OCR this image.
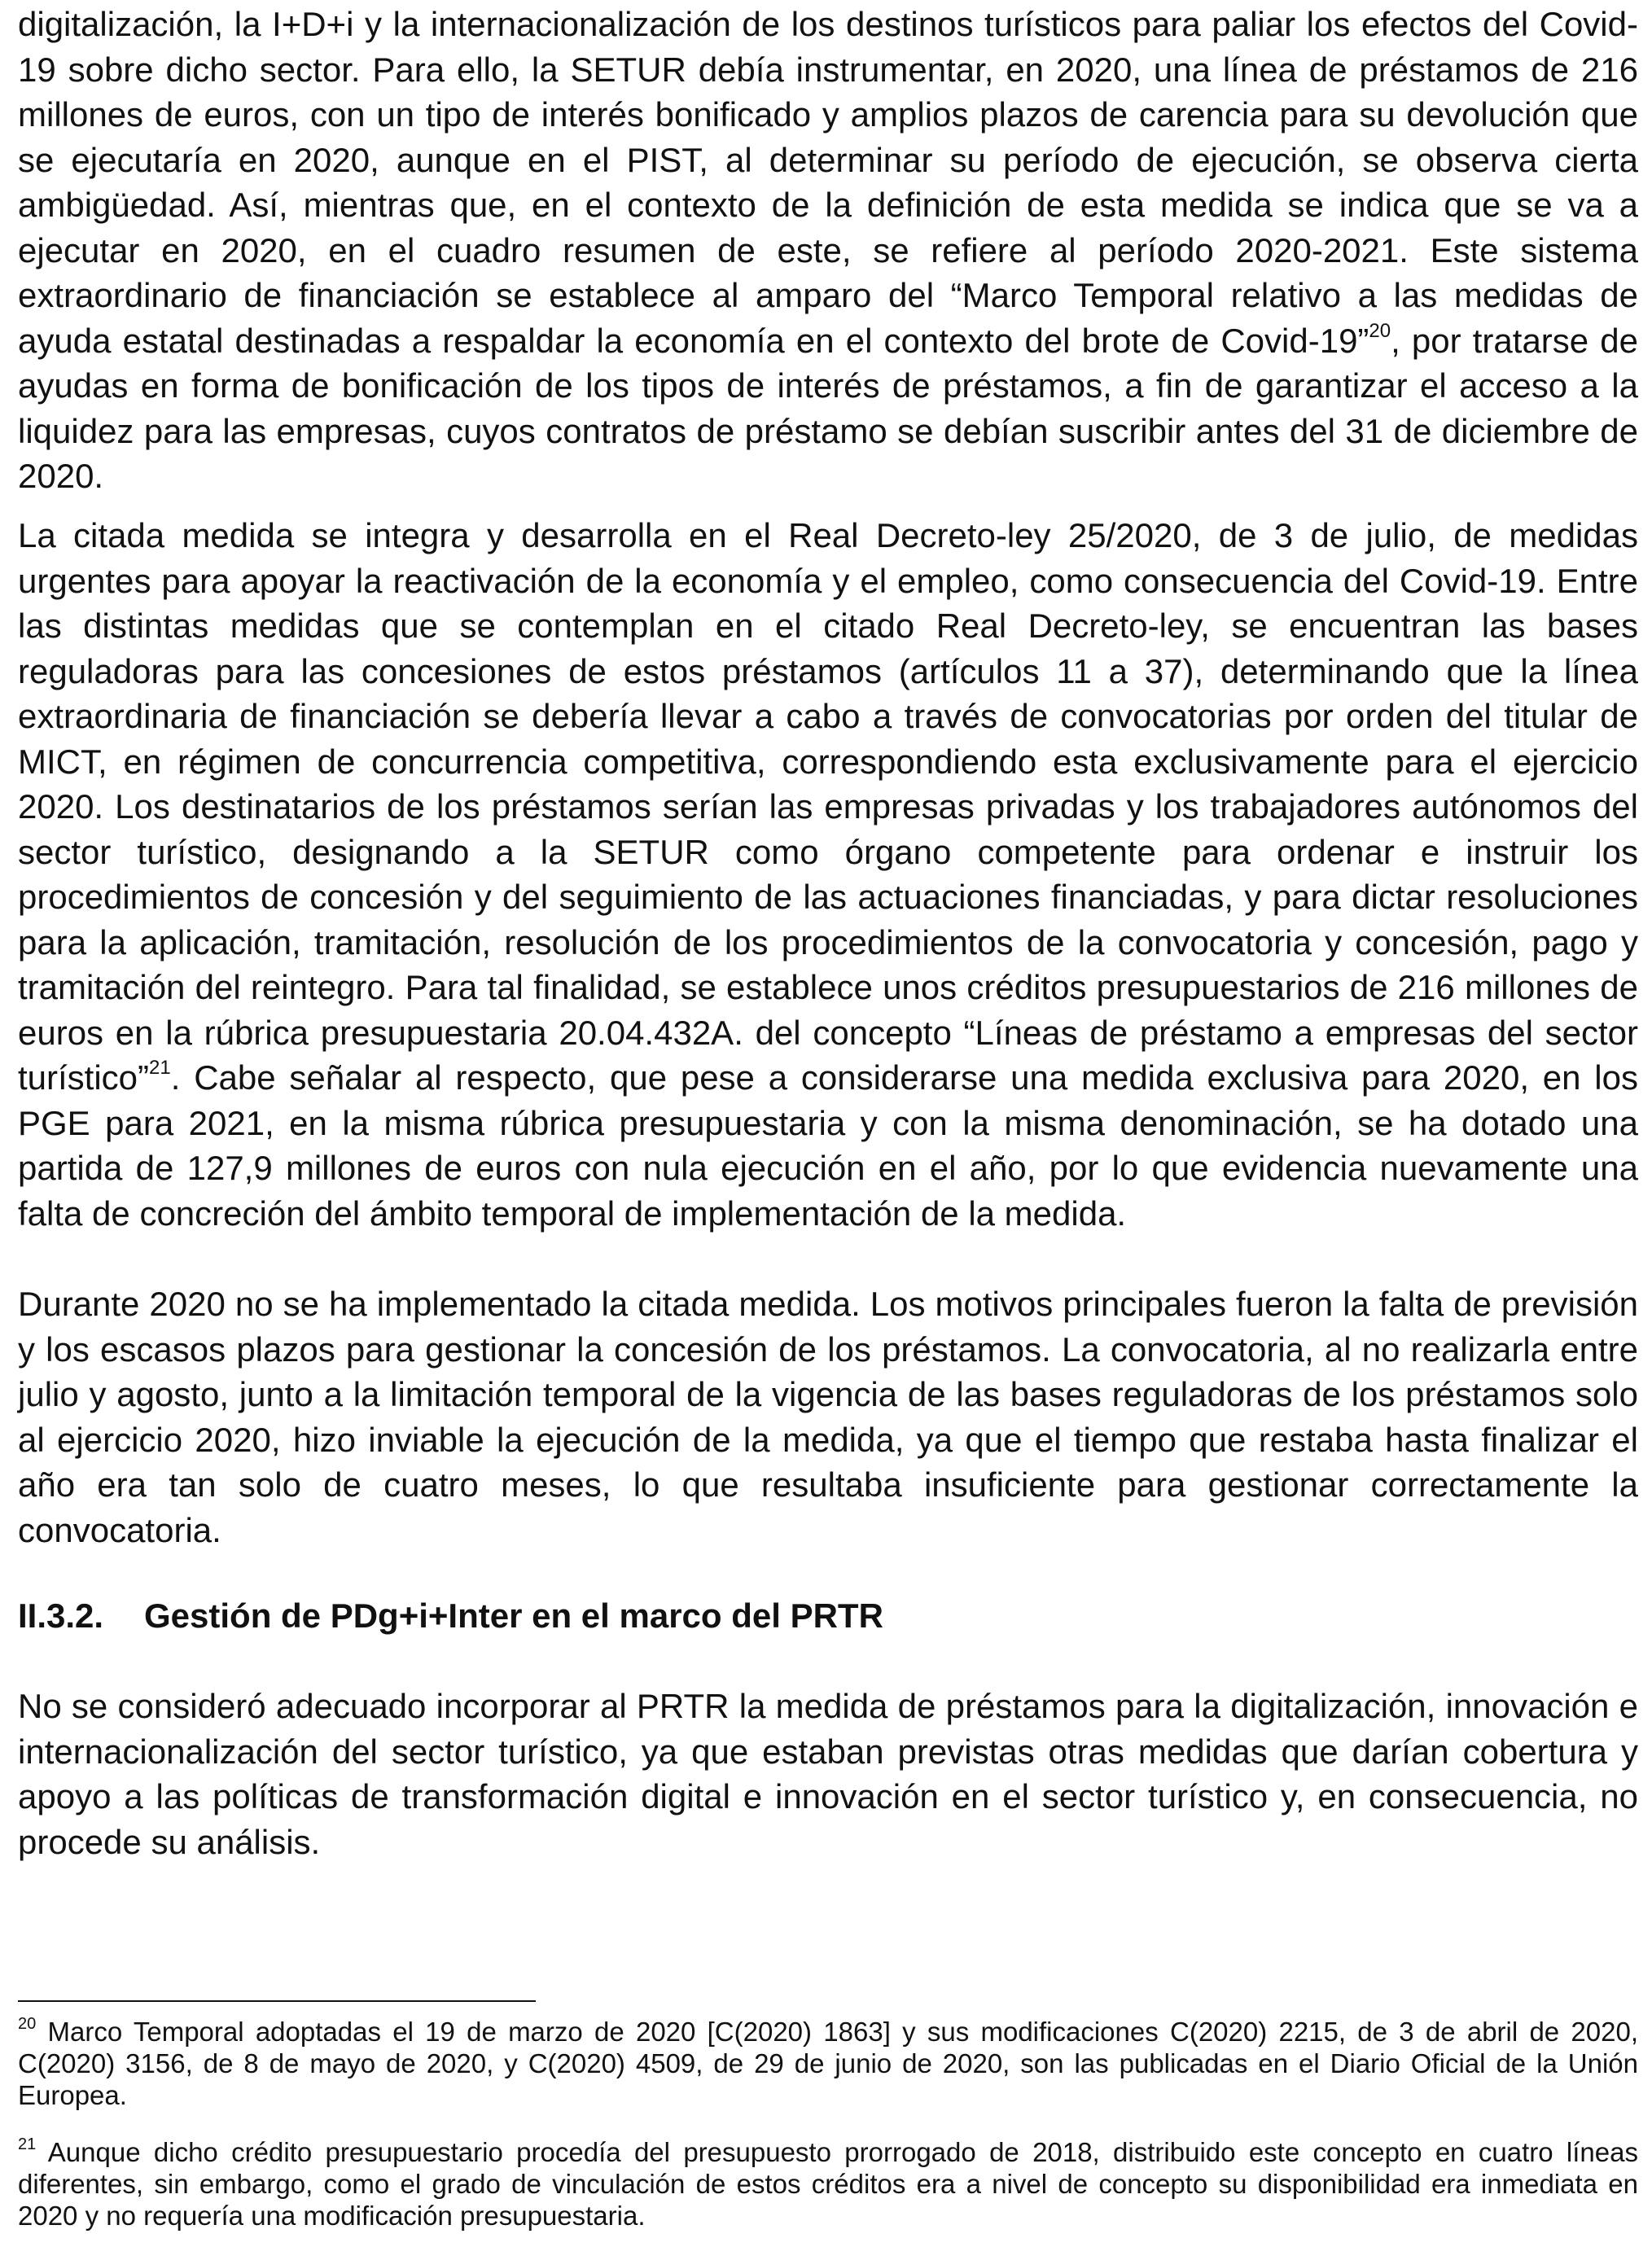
digitalización, la I+D+i y la internacionalización de los destinos turísticos para paliar los efectos del Covid-19 sobre dicho sector. Para ello, la SETUR debía instrumentar, en 2020, una línea de préstamos de 216 millones de euros, con un tipo de interés bonificado y amplios plazos de carencia para su devolución que se ejecutaría en 2020, aunque en el PIST, al determinar su período de ejecución, se observa cierta ambigüedad. Así, mientras que, en el contexto de la definición de esta medida se indica que se va a ejecutar en 2020, en el cuadro resumen de este, se refiere al período 2020-2021. Este sistema extraordinario de financiación se establece al amparo del “Marco Temporal relativo a las medidas de ayuda estatal destinadas a respaldar la economía en el contexto del brote de Covid-19”$^{20}$, por tratarse de ayudas en forma de bonificación de los tipos de interés de préstamos, a fin de garantizar el acceso a la liquidez para las empresas, cuyos contratos de préstamo se debían suscribir antes del 31 de diciembre de 2020.

La citada medida se integra y desarrolla en el Real Decreto-ley 25/2020, de 3 de julio, de medidas urgentes para apoyar la reactivación de la economía y el empleo, como consecuencia del Covid-19. Entre las distintas medidas que se contemplan en el citado Real Decreto-ley, se encuentran las bases reguladoras para las concesiones de estos préstamos (artículos 11 a 37), determinando que la línea extraordinaria de financiación se debería llevar a cabo a través de convocatorias por orden del titular de MICT, en régimen de concurrencia competitiva, correspondiendo esta exclusivamente para el ejercicio 2020. Los destinatarios de los préstamos serían las empresas privadas y los trabajadores autónomos del sector turístico, designando a la SETUR como órgano competente para ordenar e instruir los procedimientos de concesión y del seguimiento de las actuaciones financiadas, y para dictar resoluciones para la aplicación, tramitación, resolución de los procedimientos de la convocatoria y concesión, pago y tramitación del reintegro. Para tal finalidad, se establece unos créditos presupuestarios de 216 millones de euros en la rúbrica presupuestaria 20.04.432A. del concepto “Líneas de préstamo a empresas del sector turístico”$^{21}$. Cabe señalar al respecto, que pese a considerarse una medida exclusiva para 2020, en los PGE para 2021, en la misma rúbrica presupuestaria y con la misma denominación, se ha dotado una partida de 127,9 millones de euros con nula ejecución en el año, por lo que evidencia nuevamente una falta de concreción del ámbito temporal de implementación de la medida.

Durante 2020 no se ha implementado la citada medida. Los motivos principales fueron la falta de previsión y los escasos plazos para gestionar la concesión de los préstamos. La convocatoria, al no realizarla entre julio y agosto, junto a la limitación temporal de la vigencia de las bases reguladoras de los préstamos solo al ejercicio 2020, hizo inviable la ejecución de la medida, ya que el tiempo que restaba hasta finalizar el año era tan solo de cuatro meses, lo que resultaba insuficiente para gestionar correctamente la convocatoria.

II.3.2. Gestión de PDg+i+Inter en el marco del PRTR

No se consideró adecuado incorporar al PRTR la medida de préstamos para la digitalización, innovación e internacionalización del sector turístico, ya que estaban previstas otras medidas que darían cobertura y apoyo a las políticas de transformación digital e innovación en el sector turístico y, en consecuencia, no procede su análisis.

$^{20}$ Marco Temporal adoptadas el 19 de marzo de 2020 [C(2020) 1863] y sus modificaciones C(2020) 2215, de 3 de abril de 2020, C(2020) 3156, de 8 de mayo de 2020, y C(2020) 4509, de 29 de junio de 2020, son las publicadas en el Diario Oficial de la Unión Europea.

$^{21}$ Aunque dicho crédito presupuestario procedía del presupuesto prorrogado de 2018, distribuido este concepto en cuatro líneas diferentes, sin embargo, como el grado de vinculación de estos créditos era a nivel de concepto su disponibilidad era inmediata en 2020 y no requería una modificación presupuestaria.
